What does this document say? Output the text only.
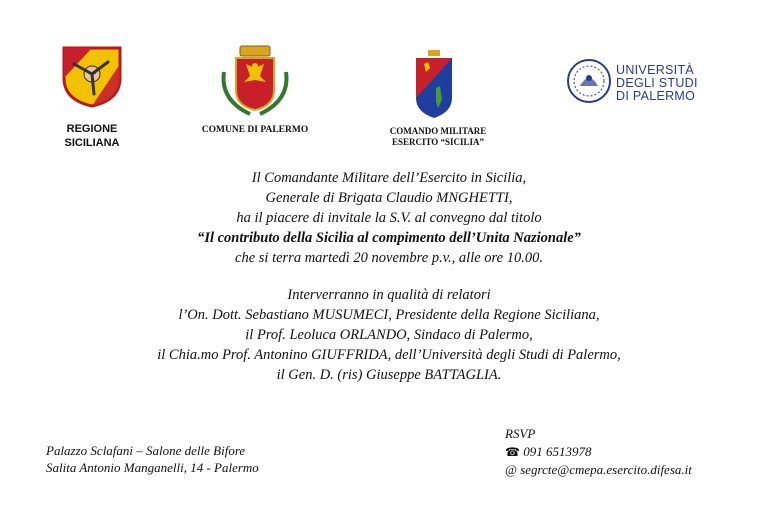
REGIONE
SICILIANA
COMUNE DI PALERMO	COMANDO MILITARE
ESERCITO “SICILIA”
UNIVERSITÀ
DEGLI STUDI
DI PALERMO
Il Comandante Militare dell’Esercito in Sicilia,
Generale di Brigata Claudio MNGHETTI,
ha il piacere di invitale la S.V. al convegno dal titolo
“Il contributo della Sicilia al compimento dell’Unita Nazionale”
che si terra martedì 20 novembre p.v., alle ore 10.00.
Interverranno in qualità di relatori
l’On. Dott. Sebastiano MUSUMECI, Presidente della Regione Siciliana,
il Prof. Leoluca ORLANDO, Sindaco di Palermo,
il Chia.mo Prof. Antonino GIUFFRIDA, dell’Università degli Studi di Palermo,
il Gen. D. (ris) Giuseppe BATTAGLIA.
Palazzo Sclafani – Salone delle Bifore
Salita Antonio Manganelli, 14 - Palermo
RSVP
☎ 091 6513978
@ segrcte@cmepa.esercito.difesa.it
